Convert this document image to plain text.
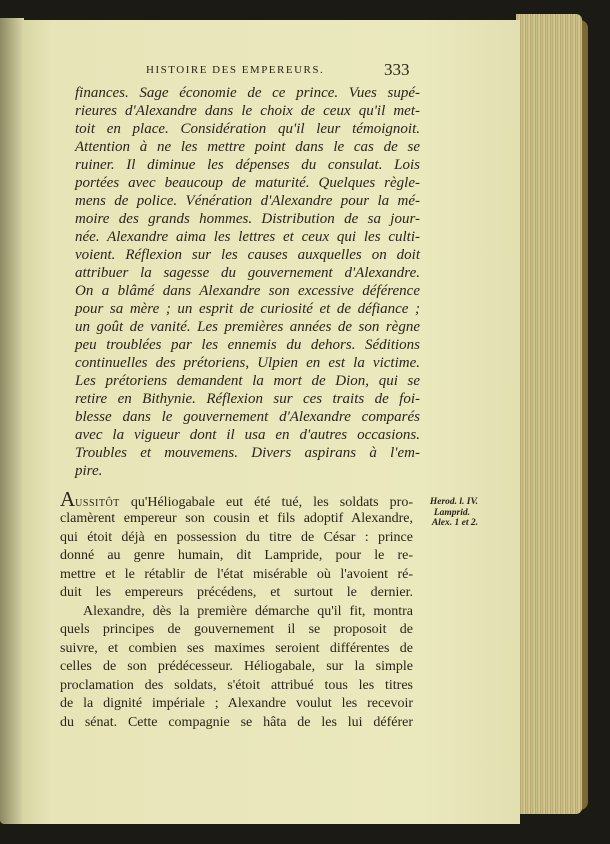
HISTOIRE DES EMPEREURS.	333
finances. Sage économie de ce prince. Vues supé-
rieures d'Alexandre dans le choix de ceux qu'il met-
toit en place. Considération qu'il leur témoignoit.
Attention à ne les mettre point dans le cas de se
ruiner. Il diminue les dépenses du consulat. Lois
portées avec beaucoup de maturité. Quelques règle-
mens de police. Vénération d'Alexandre pour la mé-
moire des grands hommes. Distribution de sa jour-
née. Alexandre aima les lettres et ceux qui les culti-
voient. Réflexion sur les causes auxquelles on doit
attribuer la sagesse du gouvernement d'Alexandre.
On a blâmé dans Alexandre son excessive déférence
pour sa mère ; un esprit de curiosité et de défiance ;
un goût de vanité. Les premières années de son règne
peu troublées par les ennemis du dehors. Séditions
continuelles des prétoriens, Ulpien en est la victime.
Les prétoriens demandent la mort de Dion, qui se
retire en Bithynie. Réflexion sur ces traits de foi-
blesse dans le gouvernement d'Alexandre comparés
avec la vigueur dont il usa en d'autres occasions.
Troubles et mouvemens. Divers aspirans à l'em-
pire.
AUSSITÔT qu'Héliogabale eut été tué, les soldats pro-
clamèrent empereur son cousin et fils adoptif Alexandre,
qui étoit déjà en possession du titre de César : prince
donné au genre humain, dit Lampride, pour le re-
mettre et le rétablir de l'état misérable où l'avoient ré-
duit les empereurs précédens, et surtout le dernier.
Alexandre, dès la première démarche qu'il fit, montra
quels principes de gouvernement il se proposoit de
suivre, et combien ses maximes seroient différentes de
celles de son prédécesseur. Héliogabale, sur la simple
proclamation des soldats, s'étoit attribué tous les titres
de la dignité impériale ; Alexandre voulut les recevoir
du sénat. Cette compagnie se hâta de les lui déférer
Herod. l. IV.
Lamprid.
Alex. 1 et 2.
